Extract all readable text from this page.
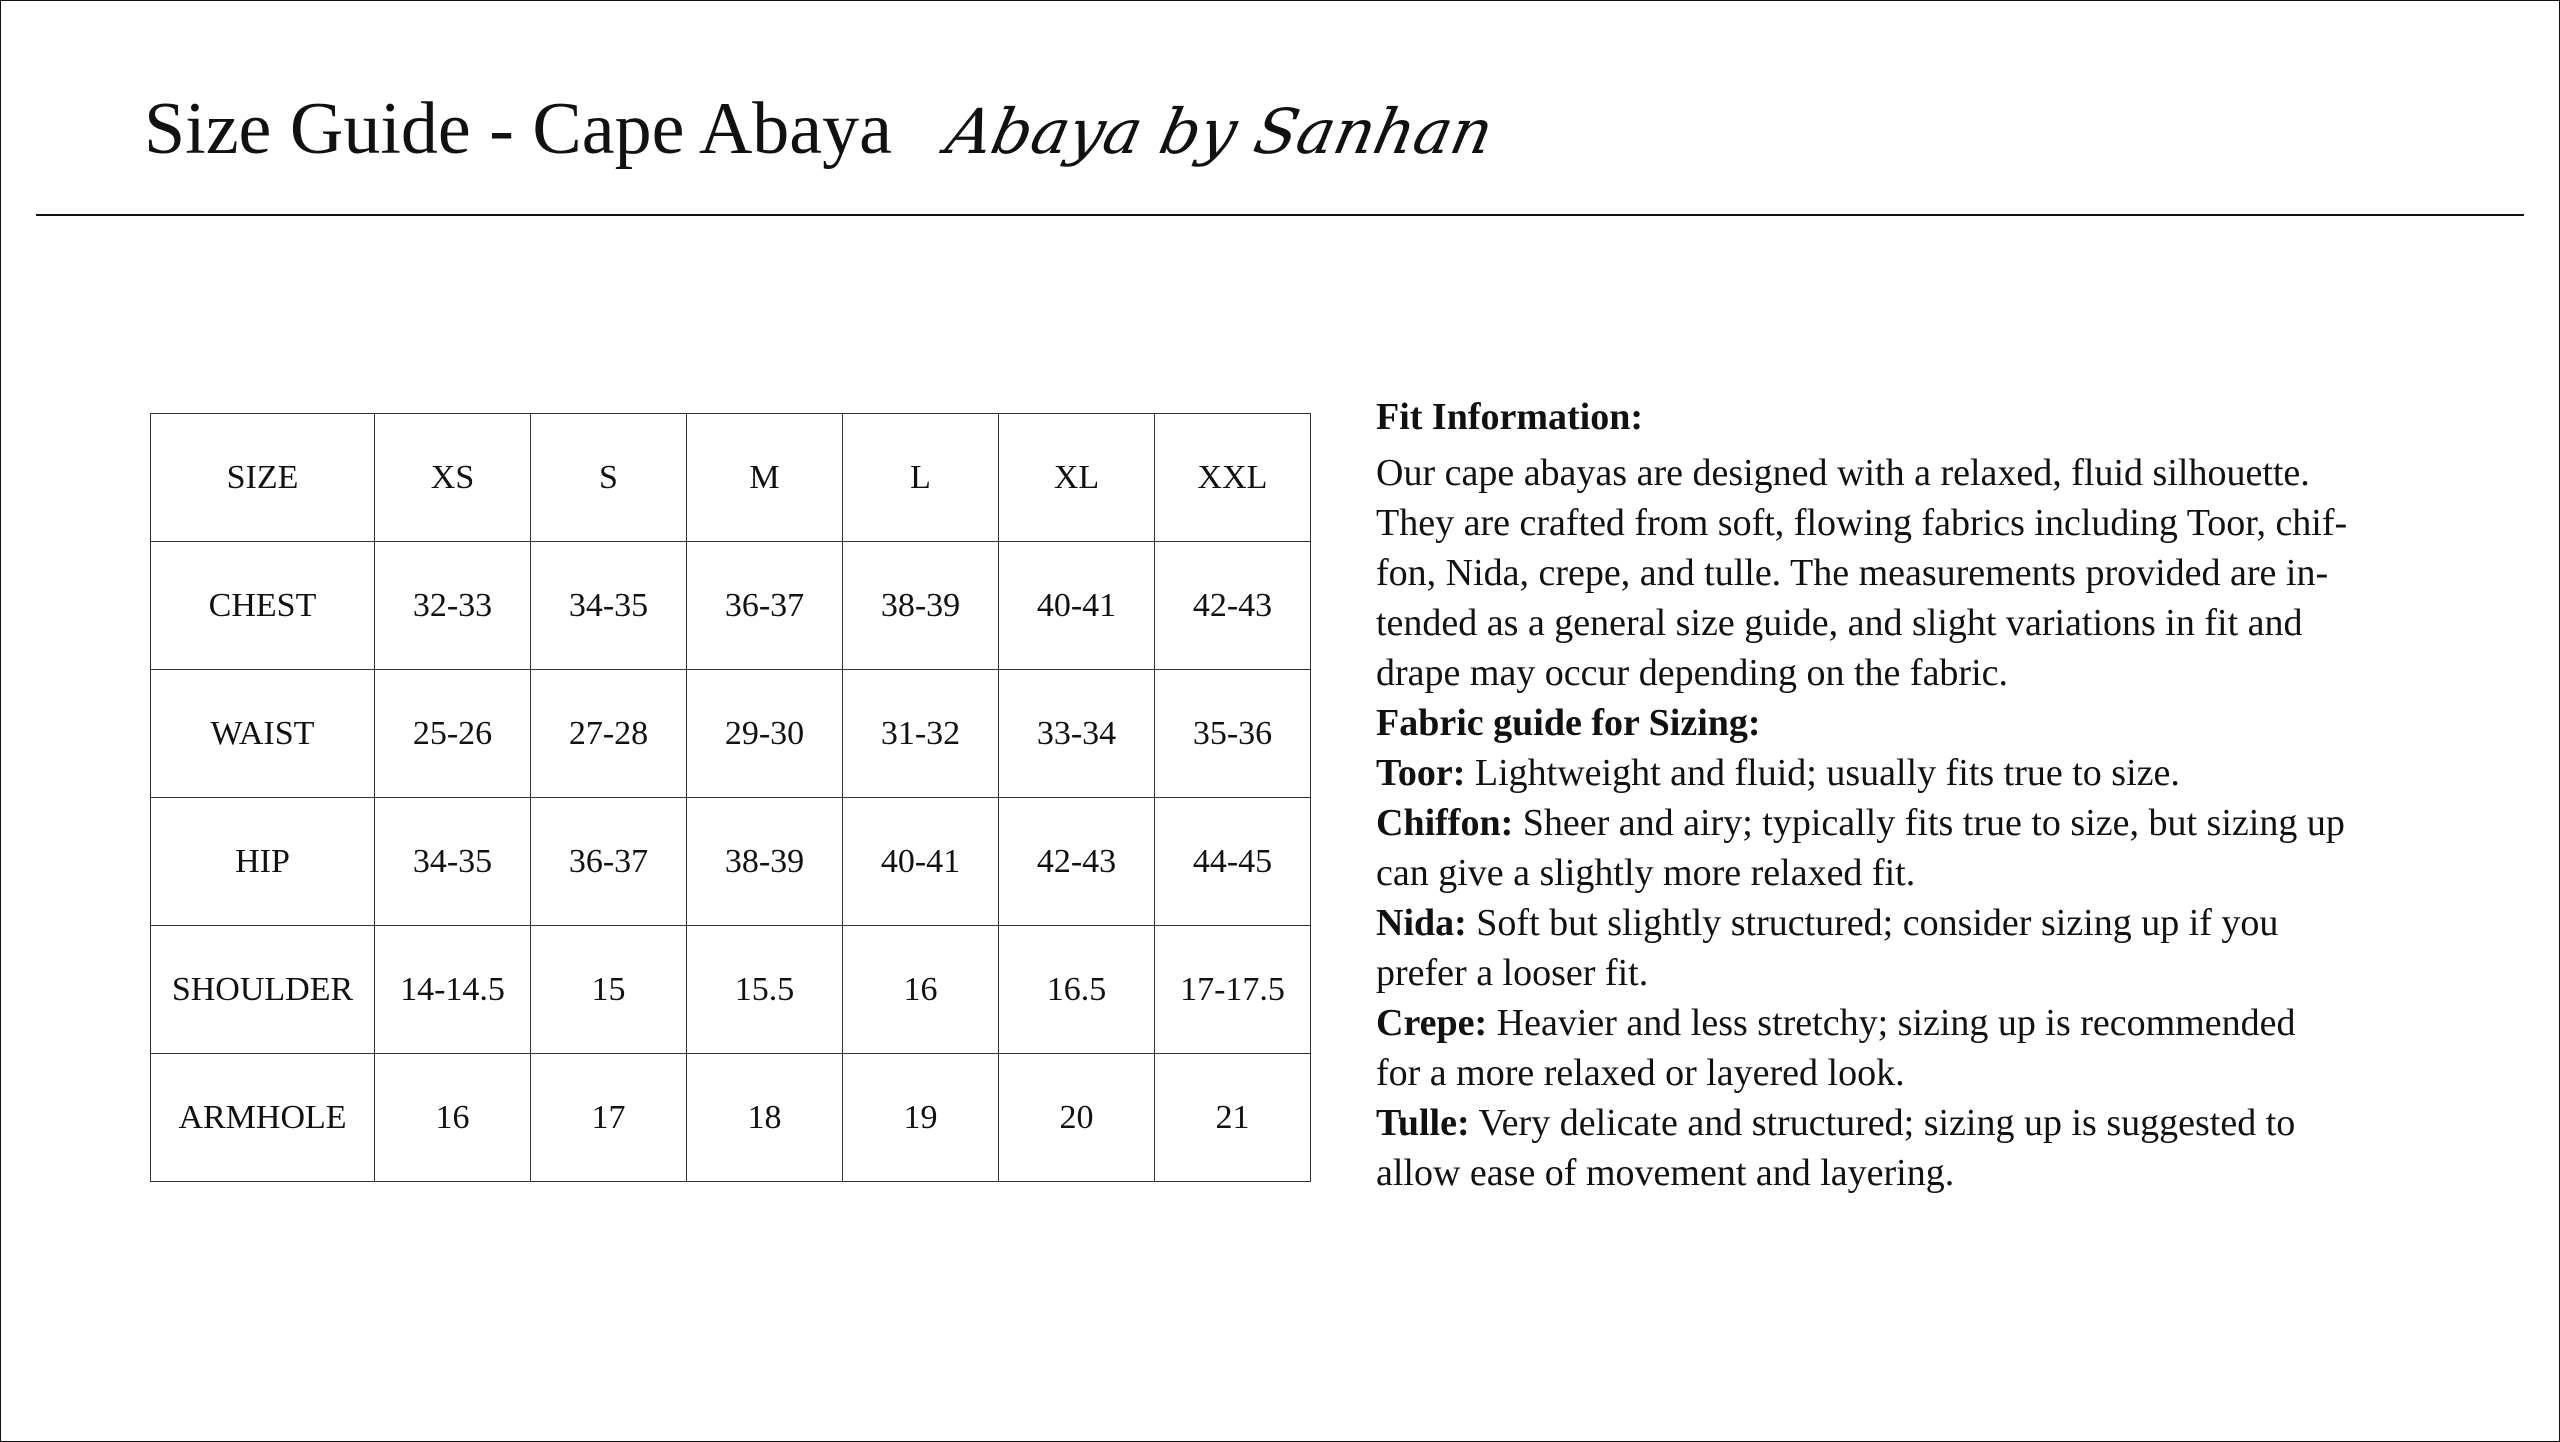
Size Guide - Cape Abaya Abaya by Sanhan
SIZE	XS	S	M	L	XL	XXL
CHEST	32-33	34-35	36-37	38-39	40-41	42-43
WAIST	25-26	27-28	29-30	31-32	33-34	35-36
HIP	34-35	36-37	38-39	40-41	42-43	44-45
SHOULDER	14-14.5	15	15.5	16	16.5	17-17.5
ARMHOLE	16	17	18	19	20	21

Fit Information:

Our cape abayas are designed with a relaxed, fluid silhouette.
They are crafted from soft, flowing fabrics including Toor, chif-
fon, Nida, crepe, and tulle. The measurements provided are in-
tended as a general size guide, and slight variations in fit and
drape may occur depending on the fabric.

Fabric guide for Sizing:

Toor: Lightweight and fluid; usually fits true to size.

Chiffon: Sheer and airy; typically fits true to size, but sizing up
can give a slightly more relaxed fit.

Nida: Soft but slightly structured; consider sizing up if you
prefer a looser fit.

Crepe: Heavier and less stretchy; sizing up is recommended
for a more relaxed or layered look.

Tulle: Very delicate and structured; sizing up is suggested to
allow ease of movement and layering.
